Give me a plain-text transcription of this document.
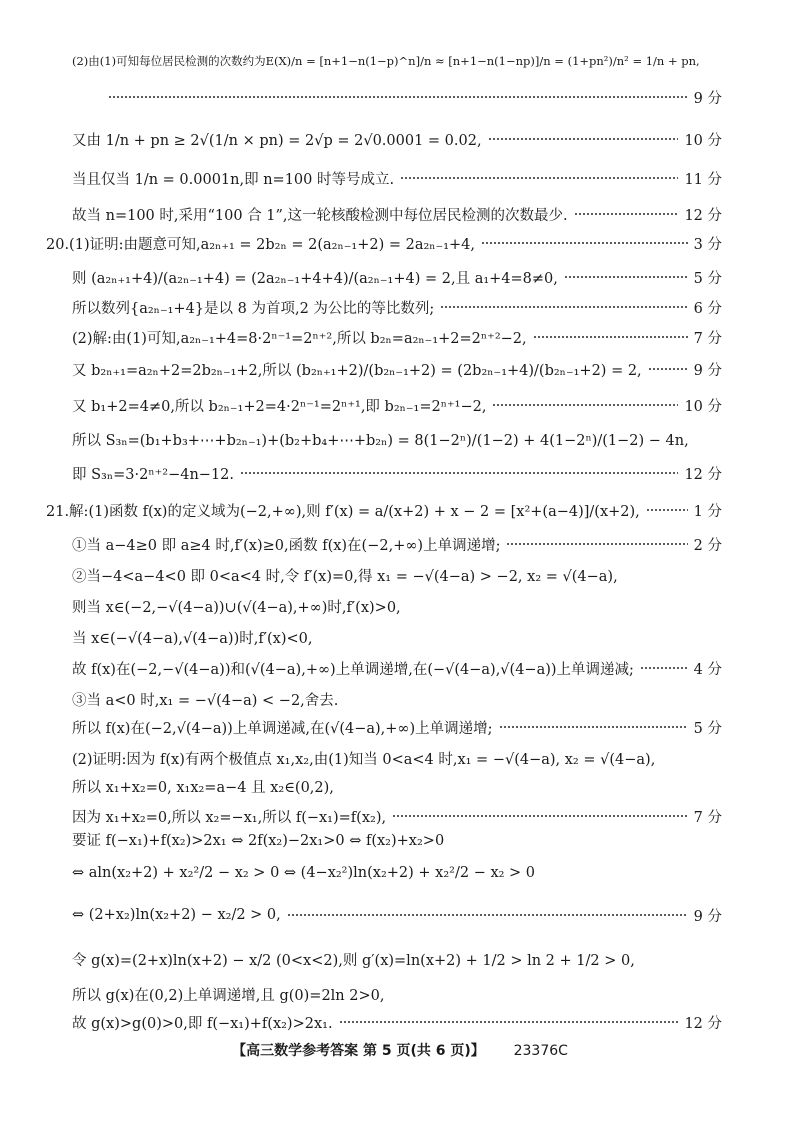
(2)由(1)可知每位居民检测的次数约为E(X)/n = [n+1−n(1−p)^n]/n ≈ [n+1−n(1−np)]/n = (1+pn²)/n² = 1/n + pn,
9 分
又由 1/n + pn ≥ 2√(1/n × pn) = 2√p = 2√0.0001 = 0.02,	10 分
当且仅当 1/n = 0.0001n,即 n=100 时等号成立.	11 分
故当 n=100 时,采用“100 合 1”,这一轮核酸检测中每位居民检测的次数最少.	12 分
20.(1)证明:由题意可知,a₂ₙ₊₁ = 2b₂ₙ = 2(a₂ₙ₋₁+2) = 2a₂ₙ₋₁+4,	3 分
则 (a₂ₙ₊₁+4)/(a₂ₙ₋₁+4) = (2a₂ₙ₋₁+4+4)/(a₂ₙ₋₁+4) = 2,且 a₁+4=8≠0,	5 分
所以数列{a₂ₙ₋₁+4}是以 8 为首项,2 为公比的等比数列;	6 分
(2)解:由(1)可知,a₂ₙ₋₁+4=8·2ⁿ⁻¹=2ⁿ⁺²,所以 b₂ₙ=a₂ₙ₋₁+2=2ⁿ⁺²−2,	7 分
又 b₂ₙ₊₁=a₂ₙ+2=2b₂ₙ₋₁+2,所以 (b₂ₙ₊₁+2)/(b₂ₙ₋₁+2) = (2b₂ₙ₋₁+4)/(b₂ₙ₋₁+2) = 2,	9 分
又 b₁+2=4≠0,所以 b₂ₙ₋₁+2=4·2ⁿ⁻¹=2ⁿ⁺¹,即 b₂ₙ₋₁=2ⁿ⁺¹−2,	10 分
所以 S₃ₙ=(b₁+b₃+⋯+b₂ₙ₋₁)+(b₂+b₄+⋯+b₂ₙ) = 8(1−2ⁿ)/(1−2) + 4(1−2ⁿ)/(1−2) − 4n,
即 S₃ₙ=3·2ⁿ⁺²−4n−12.	12 分
21.解:(1)函数 f(x)的定义域为(−2,+∞),则 f′(x) = a/(x+2) + x − 2 = [x²+(a−4)]/(x+2),	1 分
①当 a−4≥0 即 a≥4 时,f′(x)≥0,函数 f(x)在(−2,+∞)上单调递增;	2 分
②当−4<a−4<0 即 0<a<4 时,令 f′(x)=0,得 x₁ = −√(4−a) > −2, x₂ = √(4−a),
则当 x∈(−2,−√(4−a))∪(√(4−a),+∞)时,f′(x)>0,
当 x∈(−√(4−a),√(4−a))时,f′(x)<0,
故 f(x)在(−2,−√(4−a))和(√(4−a),+∞)上单调递增,在(−√(4−a),√(4−a))上单调递减;	4 分
③当 a<0 时,x₁ = −√(4−a) < −2,舍去.
所以 f(x)在(−2,√(4−a))上单调递减,在(√(4−a),+∞)上单调递增;	5 分
(2)证明:因为 f(x)有两个极值点 x₁,x₂,由(1)知当 0<a<4 时,x₁ = −√(4−a), x₂ = √(4−a),
所以 x₁+x₂=0, x₁x₂=a−4 且 x₂∈(0,2),
因为 x₁+x₂=0,所以 x₂=−x₁,所以 f(−x₁)=f(x₂),	7 分
要证 f(−x₁)+f(x₂)>2x₁ ⇔ 2f(x₂)−2x₁>0 ⇔ f(x₂)+x₂>0
⇔ aln(x₂+2) + x₂²/2 − x₂ > 0 ⇔ (4−x₂²)ln(x₂+2) + x₂²/2 − x₂ > 0
⇔ (2+x₂)ln(x₂+2) − x₂/2 > 0,	9 分
令 g(x)=(2+x)ln(x+2) − x/2 (0<x<2),则 g′(x)=ln(x+2) + 1/2 > ln 2 + 1/2 > 0,
所以 g(x)在(0,2)上单调递增,且 g(0)=2ln 2>0,
故 g(x)>g(0)>0,即 f(−x₁)+f(x₂)>2x₁.	12 分
【高三数学参考答案 第 5 页(共 6 页)】 23376C
